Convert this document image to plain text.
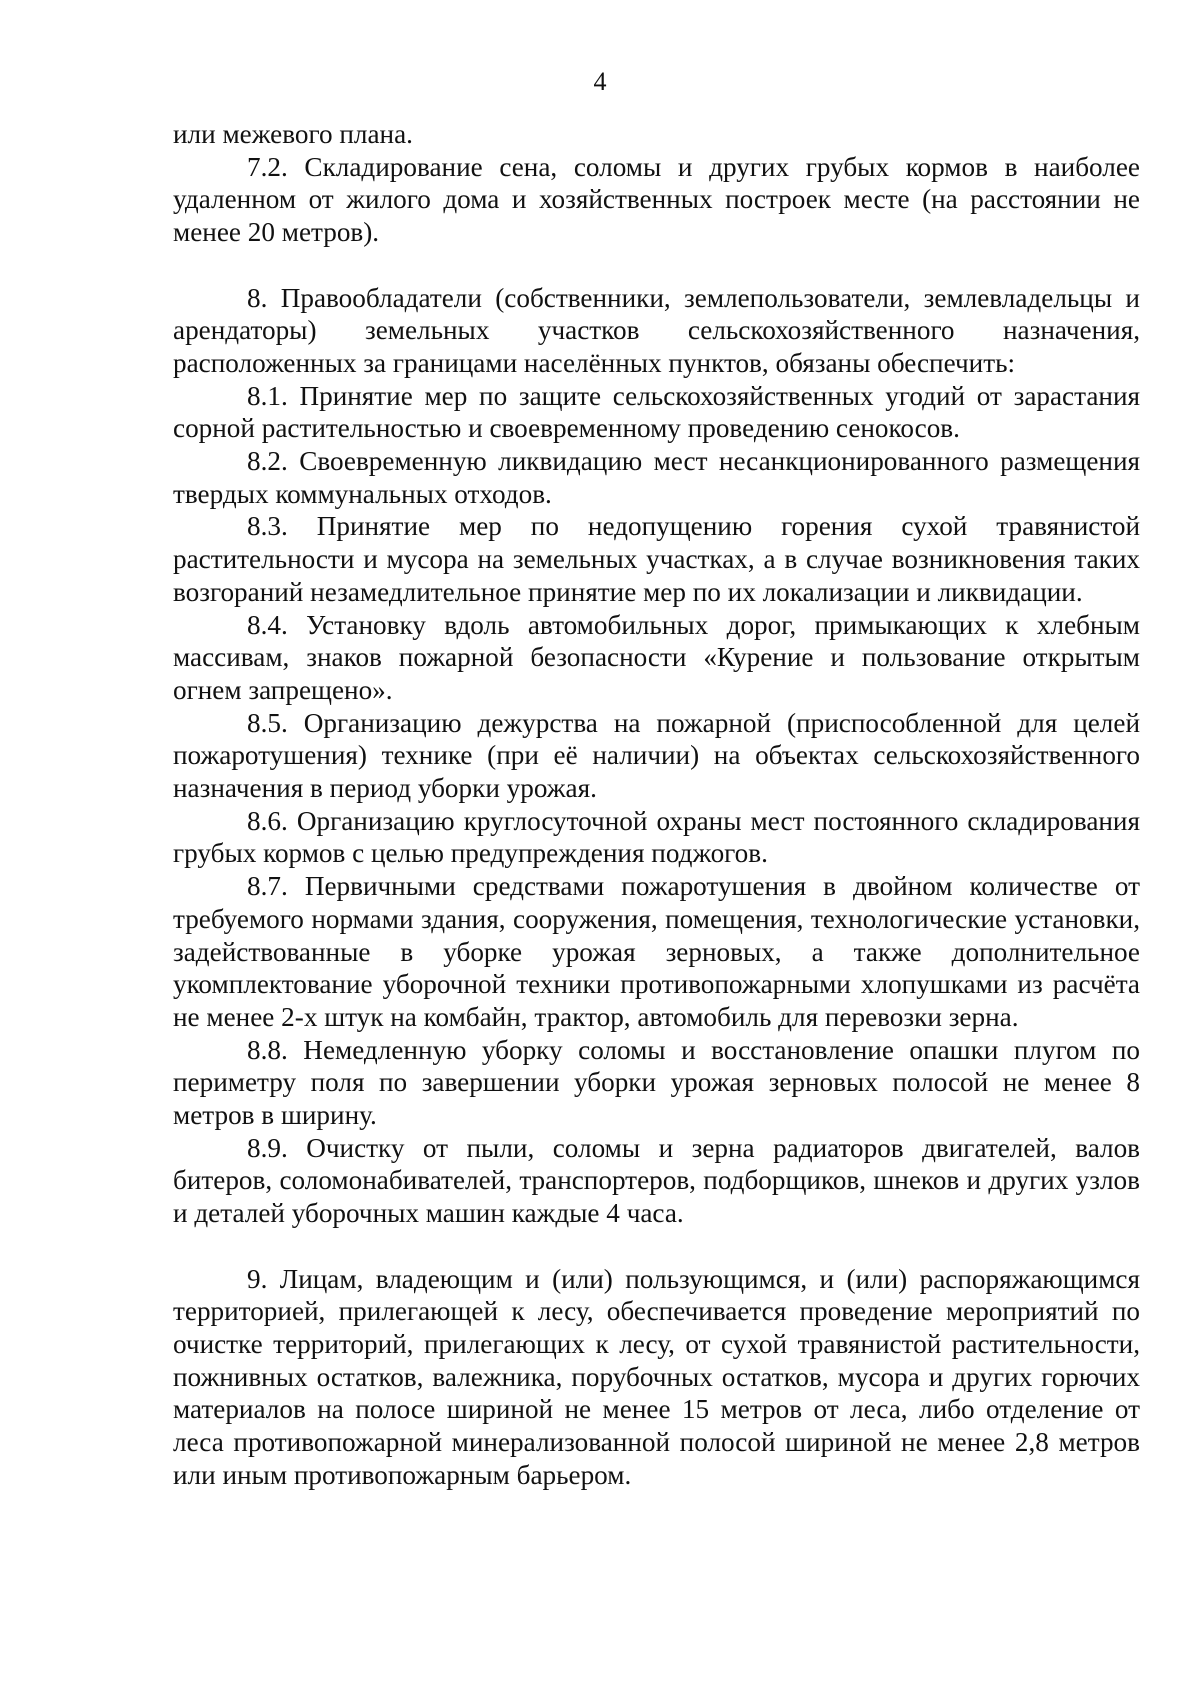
4

или межевого плана.

7.2. Складирование сена, соломы и других грубых кормов в наиболее удаленном от жилого дома и хозяйственных построек месте (на расстоянии не менее 20 метров).

8. Правообладатели (собственники, землепользователи, землевладельцы и арендаторы) земельных участков сельскохозяйственного назначения, расположенных за границами населённых пунктов, обязаны обеспечить:

8.1. Принятие мер по защите сельскохозяйственных угодий от зарастания сорной растительностью и своевременному проведению сенокосов.

8.2. Своевременную ликвидацию мест несанкционированного размещения твердых коммунальных отходов.

8.3. Принятие мер по недопущению горения сухой травянистой растительности и мусора на земельных участках, а в случае возникновения таких возгораний незамедлительное принятие мер по их локализации и ликвидации.

8.4. Установку вдоль автомобильных дорог, примыкающих к хлебным массивам, знаков пожарной безопасности «Курение и пользование открытым огнем запрещено».

8.5. Организацию дежурства на пожарной (приспособленной для целей пожаротушения) технике (при её наличии) на объектах сельскохозяйственного назначения в период уборки урожая.

8.6. Организацию круглосуточной охраны мест постоянного складирования грубых кормов с целью предупреждения поджогов.

8.7. Первичными средствами пожаротушения в двойном количестве от требуемого нормами здания, сооружения, помещения, технологические установки, задействованные в уборке урожая зерновых, а также дополнительное укомплектование уборочной техники противопожарными хлопушками из расчёта не менее 2-х штук на комбайн, трактор, автомобиль для перевозки зерна.

8.8. Немедленную уборку соломы и восстановление опашки плугом по периметру поля по завершении уборки урожая зерновых полосой не менее 8 метров в ширину.

8.9. Очистку от пыли, соломы и зерна радиаторов двигателей, валов битеров, соломонабивателей, транспортеров, подборщиков, шнеков и других узлов и деталей уборочных машин каждые 4 часа.

9. Лицам, владеющим и (или) пользующимся, и (или) распоряжающимся территорией, прилегающей к лесу, обеспечивается проведение мероприятий по очистке территорий, прилегающих к лесу, от сухой травянистой растительности, пожнивных остатков, валежника, порубочных остатков, мусора и других горючих материалов на полосе шириной не менее 15 метров от леса, либо отделение от леса противопожарной минерализованной полосой шириной не менее 2,8 метров или иным противопожарным барьером.
